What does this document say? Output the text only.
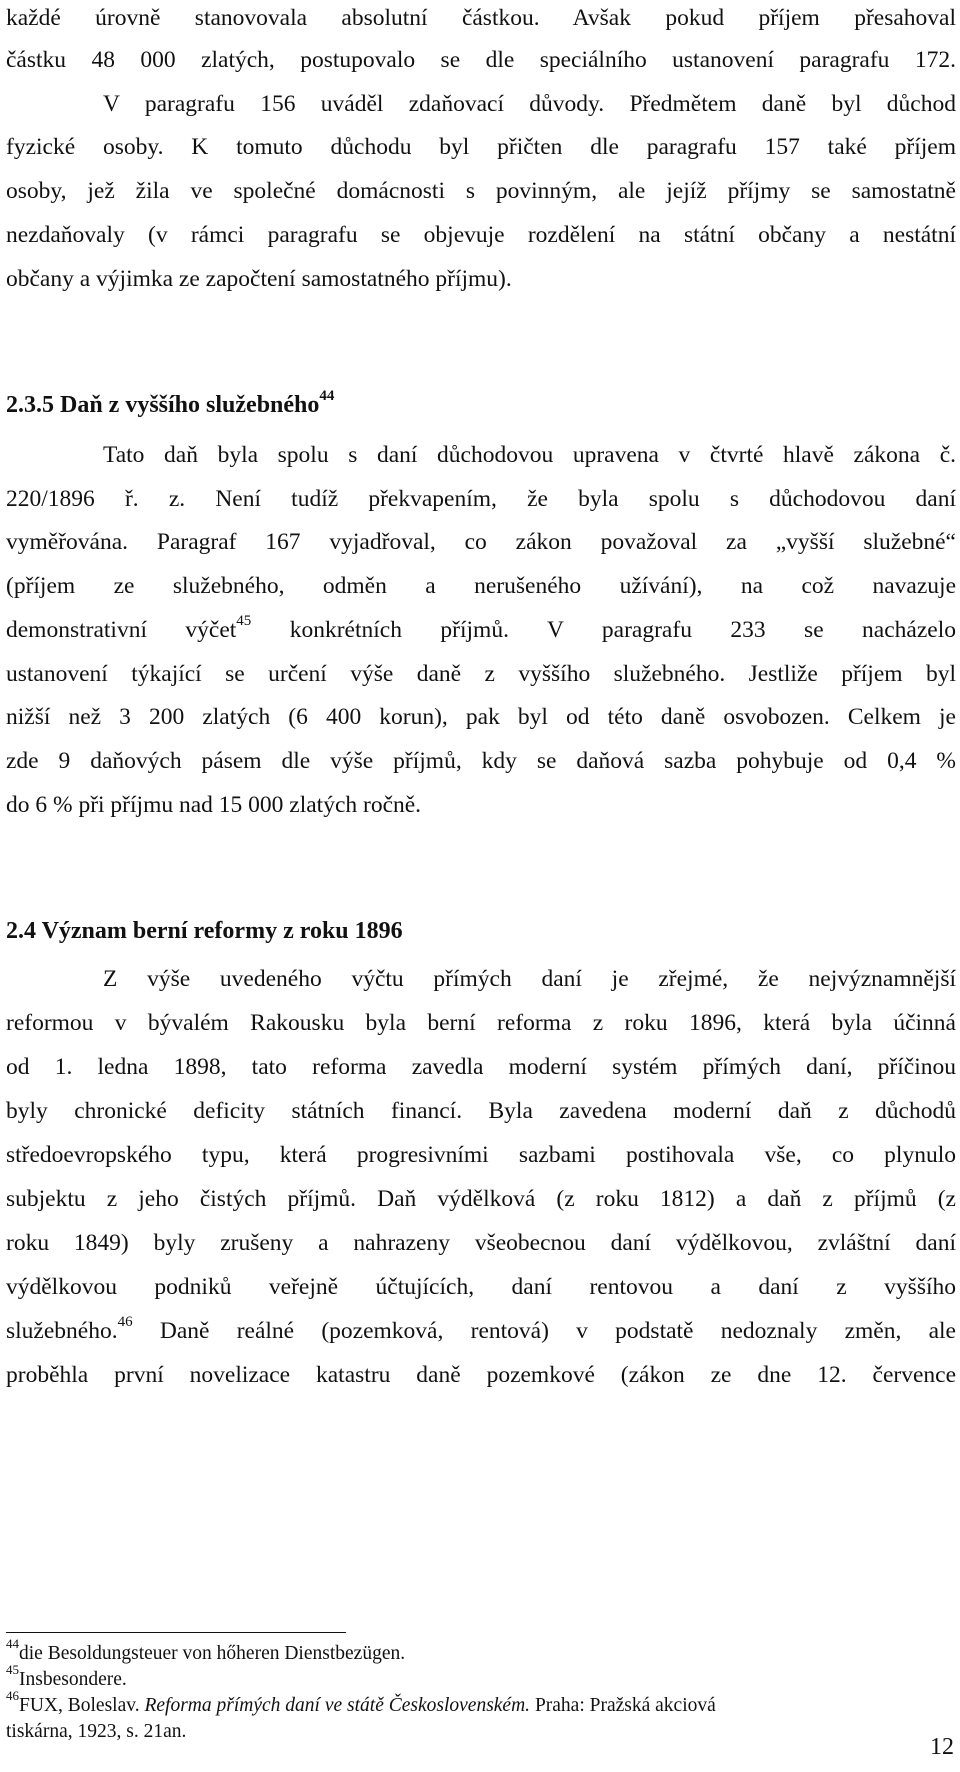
každé úrovně stanovovala absolutní částkou. Avšak pokud příjem přesahoval
částku 48 000 zlatých, postupovalo se dle speciálního ustanovení paragrafu 172.
V paragrafu 156 uváděl zdaňovací důvody. Předmětem daně byl důchod
fyzické osoby. K tomuto důchodu byl přičten dle paragrafu 157 také příjem
osoby, jež žila ve společné domácnosti s povinným, ale jejíž příjmy se samostatně
nezdaňovaly (v rámci paragrafu se objevuje rozdělení na státní občany a nestátní
občany a výjimka ze započtení samostatného příjmu).
2.3.5 Daň z vyššího služebného$^{44}$
Tato daň byla spolu s daní důchodovou upravena v čtvrté hlavě zákona č.
220/1896 ř. z. Není tudíž překvapením, že byla spolu s důchodovou daní
vyměřována. Paragraf 167 vyjadřoval, co zákon považoval za „vyšší služebné“
(příjem ze služebného, odměn a nerušeného užívání), na což navazuje
demonstrativní výčet$^{45}$ konkrétních příjmů. V paragrafu 233 se nacházelo
ustanovení týkající se určení výše daně z vyššího služebného. Jestliže příjem byl
nižší než 3 200 zlatých (6 400 korun), pak byl od této daně osvobozen. Celkem je
zde 9 daňových pásem dle výše příjmů, kdy se daňová sazba pohybuje od 0,4 %
do 6 % při příjmu nad 15 000 zlatých ročně.
2.4 Význam berní reformy z roku 1896
Z výše uvedeného výčtu přímých daní je zřejmé, že nejvýznamnější
reformou v bývalém Rakousku byla berní reforma z roku 1896, která byla účinná
od 1. ledna 1898, tato reforma zavedla moderní systém přímých daní, příčinou
byly chronické deficity státních financí. Byla zavedena moderní daň z důchodů
středoevropského typu, která progresivními sazbami postihovala vše, co plynulo
subjektu z jeho čistých příjmů. Daň výdělková (z roku 1812) a daň z příjmů (z
roku 1849) byly zrušeny a nahrazeny všeobecnou daní výdělkovou, zvláštní daní
výdělkovou podniků veřejně účtujících, daní rentovou a daní z vyššího
služebného.$^{46}$ Daně reálné (pozemková, rentová) v podstatě nedoznaly změn, ale
proběhla první novelizace katastru daně pozemkové (zákon ze dne 12. července
$^{44}$die Besoldungsteuer von hőheren Dienstbezügen.
$^{45}$Insbesondere.
$^{46}$FUX, Boleslav. Reforma přímých daní ve státě Československém. Praha: Pražská akciová
tiskárna, 1923, s. 21an.
12
